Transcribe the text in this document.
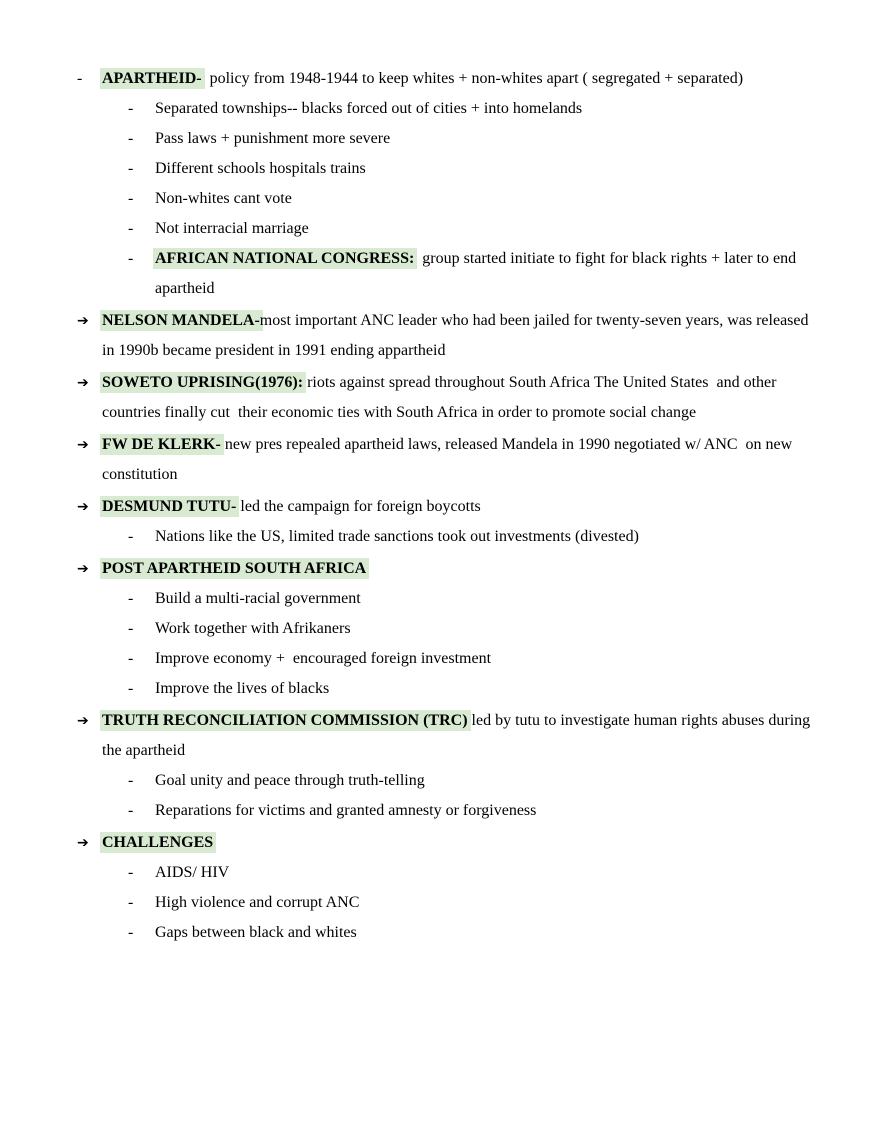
-	APARTHEID-  policy from 1948-1944 to keep whites + non-whites apart ( segregated + separated)
-	Separated townships-- blacks forced out of cities + into homelands
-	Pass laws + punishment more severe
-	Different schools hospitals trains
-	Non-whites cant vote
-	Not interracial marriage
-	AFRICAN NATIONAL CONGRESS:  group started initiate to fight for black rights + later to end apartheid
➔ NELSON MANDELA-most important ANC leader who had been jailed for twenty-seven years, was released in 1990b became president in 1991 ending appartheid
➔ SOWETO UPRISING(1976): riots against spread throughout South Africa The United States  and other countries finally cut  their economic ties with South Africa in order to promote social change
➔ FW DE KLERK- new pres repealed apartheid laws, released Mandela in 1990 negotiated w/ ANC  on new constitution
➔ DESMUND TUTU- led the campaign for foreign boycotts
-	Nations like the US, limited trade sanctions took out investments (divested)
➔ POST APARTHEID SOUTH AFRICA
-	Build a multi-racial government
-	Work together with Afrikaners
-	Improve economy +  encouraged foreign investment
-	Improve the lives of blacks
➔ TRUTH RECONCILIATION COMMISSION (TRC) led by tutu to investigate human rights abuses during the apartheid
-	Goal unity and peace through truth-telling
-	Reparations for victims and granted amnesty or forgiveness
➔ CHALLENGES
-	AIDS/ HIV
-	High violence and corrupt ANC
-	Gaps between black and whites
